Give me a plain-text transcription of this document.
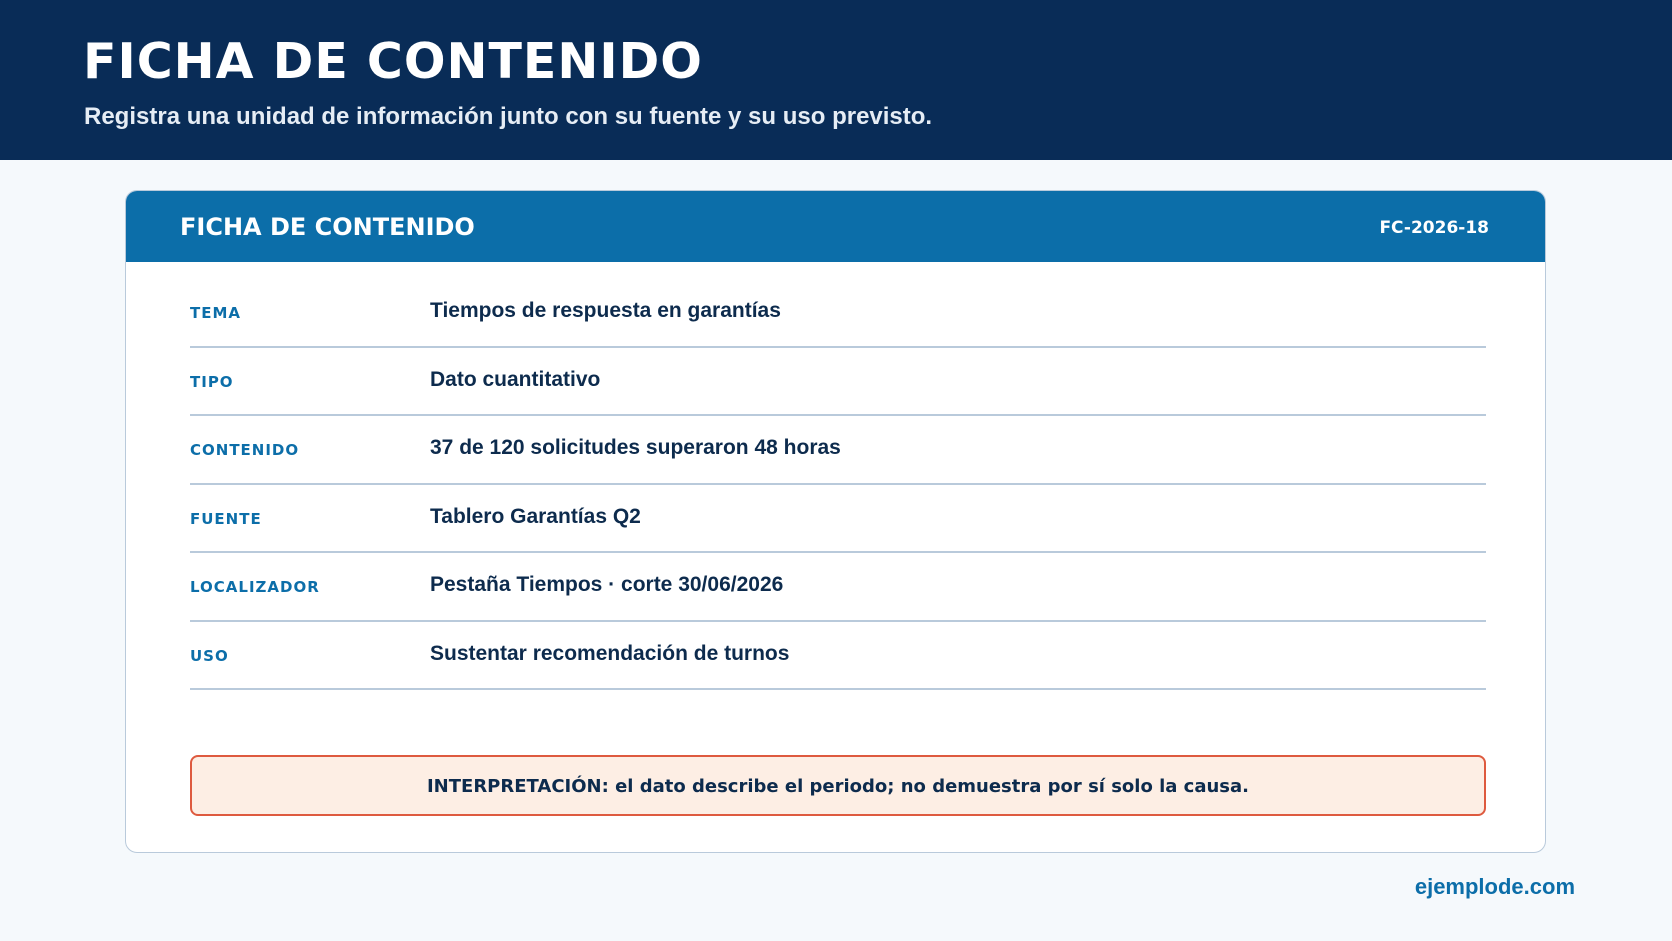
FICHA DE CONTENIDO

Registra una unidad de información junto con su fuente y su uso previsto.

FICHA DE CONTENIDO	FC-2026-18
TEMA	Tiempos de respuesta en garantías
TIPO	Dato cuantitativo
CONTENIDO	37 de 120 solicitudes superaron 48 horas
FUENTE	Tablero Garantías Q2
LOCALIZADOR	Pestaña Tiempos · corte 30/06/2026
USO	Sustentar recomendación de turnos
INTERPRETACIÓN: el dato describe el periodo; no demuestra por sí solo la causa.
ejemplode.com
